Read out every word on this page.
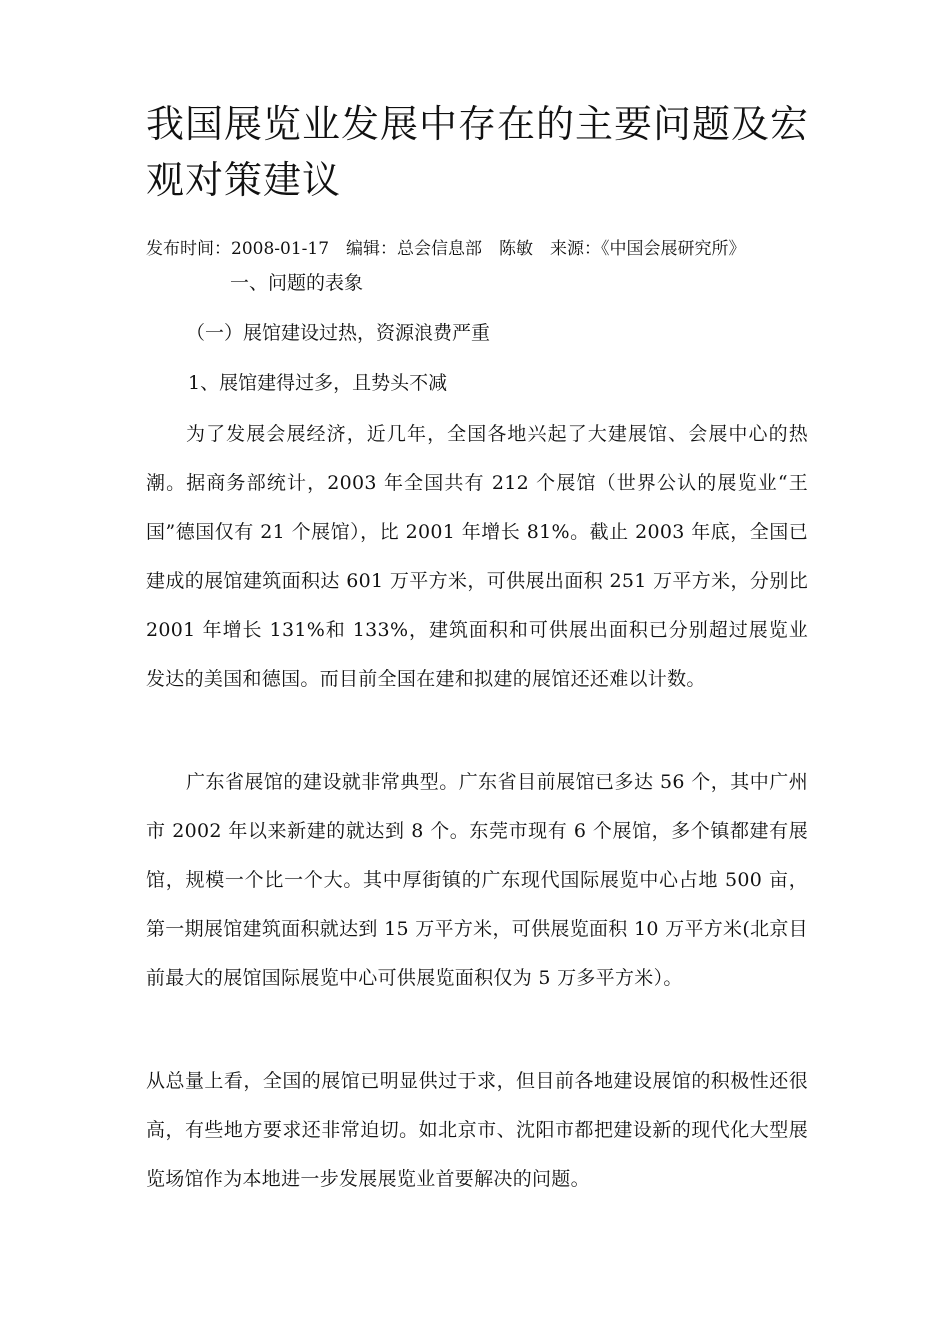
我国展览业发展中存在的主要问题及宏观对策建议
发布时间：2008-01-17　编辑：总会信息部　陈敏　来源：《中国会展研究所》
一、问题的表象
（一）展馆建设过热，资源浪费严重
1、展馆建得过多，且势头不减

为了发展会展经济，近几年，全国各地兴起了大建展馆、会展中心的热潮。据商务部统计，2003 年全国共有 212 个展馆（世界公认的展览业“王国”德国仅有 21 个展馆），比 2001 年增长 81%。截止 2003 年底，全国已建成的展馆建筑面积达 601 万平方米，可供展出面积 251 万平方米，分别比 2001 年增长 131%和 133%，建筑面积和可供展出面积已分别超过展览业发达的美国和德国。而目前全国在建和拟建的展馆还还难以计数。

广东省展馆的建设就非常典型。广东省目前展馆已多达 56 个，其中广州市 2002 年以来新建的就达到 8 个。东莞市现有 6 个展馆，多个镇都建有展馆，规模一个比一个大。其中厚街镇的广东现代国际展览中心占地 500 亩，第一期展馆建筑面积就达到 15 万平方米，可供展览面积 10 万平方米(北京目前最大的展馆国际展览中心可供展览面积仅为 5 万多平方米）。

从总量上看，全国的展馆已明显供过于求，但目前各地建设展馆的积极性还很高，有些地方要求还非常迫切。如北京市、沈阳市都把建设新的现代化大型展览场馆作为本地进一步发展展览业首要解决的问题。
